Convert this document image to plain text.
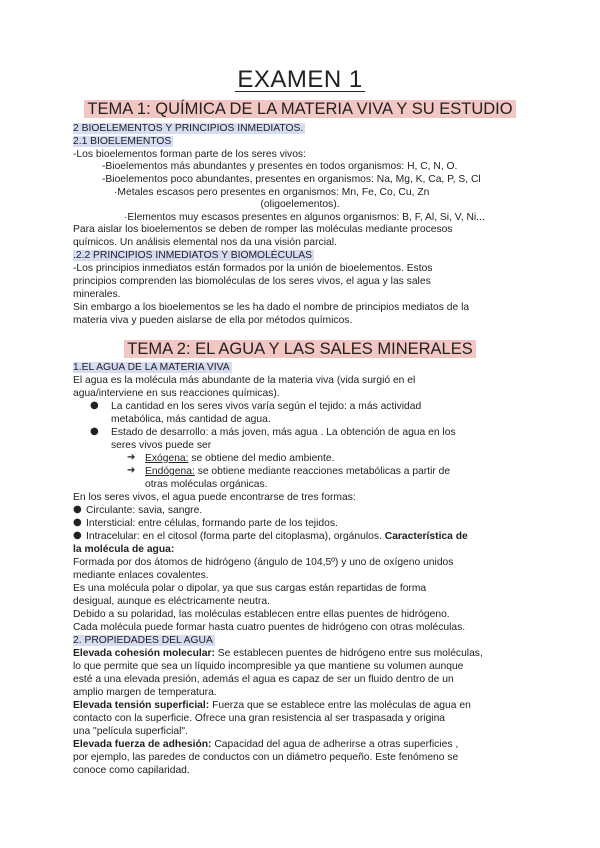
EXAMEN 1
TEMA 1: QUÍMICA DE LA MATERIA VIVA Y SU ESTUDIO
2 BIOELEMENTOS Y PRINCIPIOS INMEDIATOS.
2.1 BIOELEMENTOS
-Los bioelementos forman parte de los seres vivos:
-Bioelementos más abundantes y presentes en todos organismos: H, C, N, O.
-Bioelementos poco abundantes, presentes en organismos: Na, Mg, K, Ca, P, S, Cl
·Metales escasos pero presentes en organismos: Mn, Fe, Co, Cu, Zn
(oligoelementos).
·Elementos muy escasos presentes en algunos organismos: B, F, Al, Si, V, Ni...
Para aislar los bioelementos se deben de romper las moléculas mediante procesos
químicos. Un análisis elemental nos da una visión parcial.
.2.2 PRINCIPIOS INMEDIATOS Y BIOMOLÉCULAS
-Los principios inmediatos están formados por la unión de bioelementos. Estos
principios comprenden las biomoléculas de los seres vivos, el agua y las sales
minerales.
Sin embargo a los bioelementos se les ha dado el nombre de principios mediatos de la
materia viva y pueden aislarse de ella por métodos químicos.
TEMA 2: EL AGUA Y LAS SALES MINERALES
1.EL AGUA DE LA MATERIA VIVA
El agua es la molécula más abundante de la materia viva (vida surgió en el
agua/interviene en sus reacciones químicas).
● La cantidad en los seres vivos varía según el tejido: a más actividad
metabólica, más cantidad de agua.
● Estado de desarrollo: a más joven, más agua . La obtención de agua en los
seres vivos puede ser
➔ Exógena: se obtiene del medio ambiente.
➔ Endógena: se obtiene mediante reacciones metabólicas a partir de
otras moléculas orgánicas.
En los seres vivos, el agua puede encontrarse de tres formas:
● Circulante: savia, sangre.
● Intersticial: entre células, formando parte de los tejidos.
● Intracelular: en el citosol (forma parte del citoplasma), orgánulos. Característica de
la molécula de agua:
Formada por dos átomos de hidrógeno (ángulo de 104,5º) y uno de oxígeno unidos
mediante enlaces covalentes.
Es una molécula polar o dipolar, ya que sus cargas están repartidas de forma
desigual, aunque es eléctricamente neutra.
Debido a su polaridad, las moléculas establecen entre ellas puentes de hidrógeno.
Cada molécula puede formar hasta cuatro puentes de hidrógeno con otras moléculas.
2. PROPIEDADES DEL AGUA
Elevada cohesión molecular: Se establecen puentes de hidrógeno entre sus moléculas,
lo que permite que sea un líquido incompresible ya que mantiene su volumen aunque
esté a una elevada presión, además el agua es capaz de ser un fluido dentro de un
amplio margen de temperatura.
Elevada tensión superficial: Fuerza que se establece entre las moléculas de agua en
contacto con la superficie. Ofrece una gran resistencia al ser traspasada y origina
una "película superficial".
Elevada fuerza de adhesión: Capacidad del agua de adherirse a otras superficies ,
por ejemplo, las paredes de conductos con un diámetro pequeño. Este fenómeno se
conoce como capilaridad.
